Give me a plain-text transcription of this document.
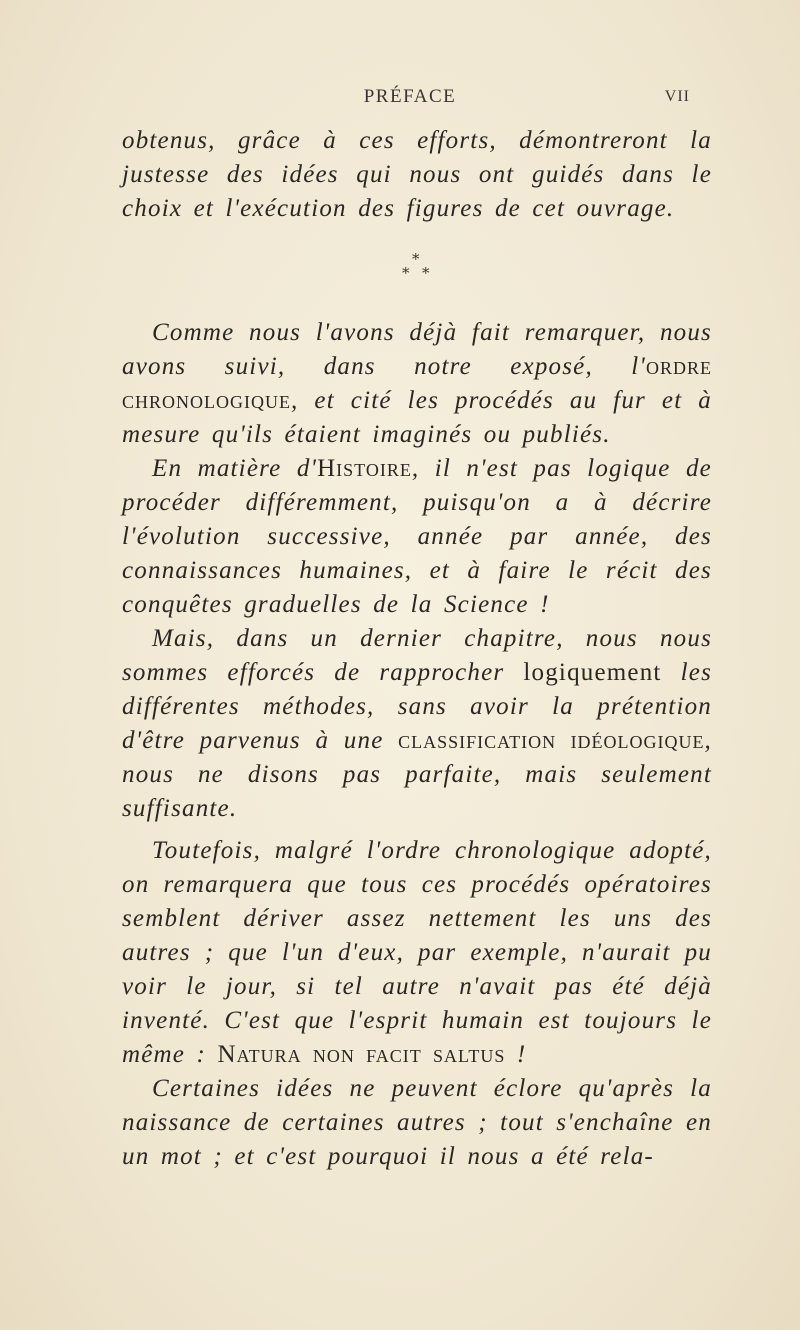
PRÉFACE	VII

obtenus, grâce à ces efforts, démontreront la justesse des idées qui nous ont guidés dans le choix et l'exécution des figures de cet ouvrage.

*
* *

Comme nous l'avons déjà fait remarquer, nous avons suivi, dans notre exposé, l'ordre chronologique, et cité les procédés au fur et à mesure qu'ils étaient imaginés ou publiés.

En matière d'Histoire, il n'est pas logique de procéder différemment, puisqu'on a à décrire l'évolution successive, année par année, des connaissances humaines, et à faire le récit des conquêtes graduelles de la Science !

Mais, dans un dernier chapitre, nous nous sommes efforcés de rapprocher logiquement les différentes méthodes, sans avoir la prétention d'être parvenus à une classification idéologique, nous ne disons pas parfaite, mais seulement suffisante.

Toutefois, malgré l'ordre chronologique adopté, on remarquera que tous ces procédés opératoires semblent dériver assez nettement les uns des autres ; que l'un d'eux, par exemple, n'aurait pu voir le jour, si tel autre n'avait pas été déjà inventé. C'est que l'esprit humain est toujours le même : Natura non facit saltus !

Certaines idées ne peuvent éclore qu'après la naissance de certaines autres ; tout s'enchaîne en un mot ; et c'est pourquoi il nous a été rela-
